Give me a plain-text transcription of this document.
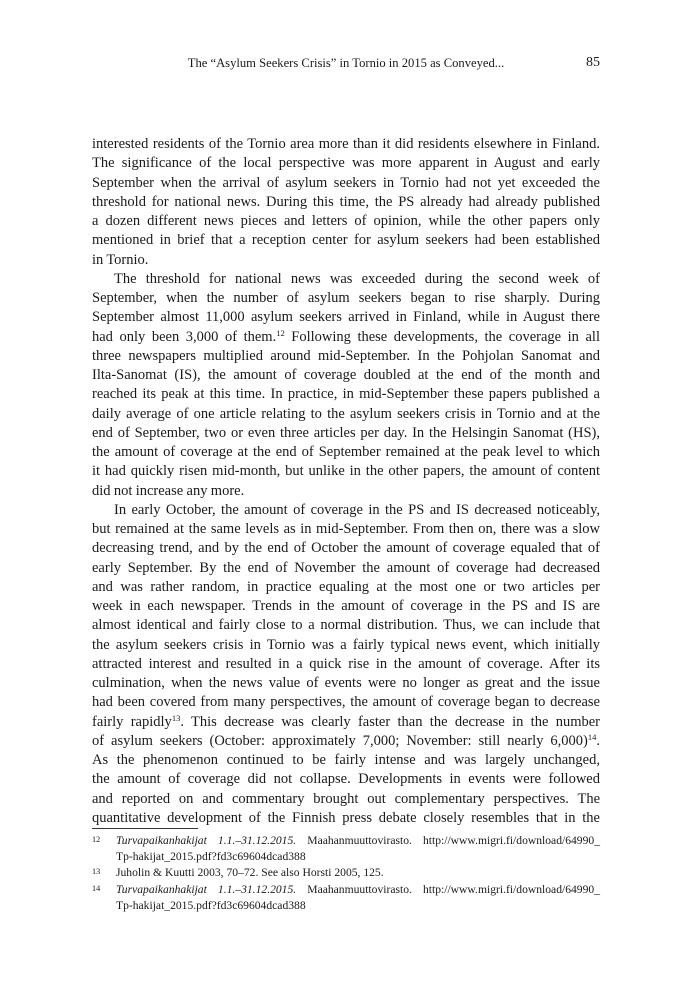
The “Asylum Seekers Crisis” in Tornio in 2015 as Conveyed...	85
interested residents of the Tornio area more than it did residents elsewhere in Finland.
The significance of the local perspective was more apparent in August and early
September when the arrival of asylum seekers in Tornio had not yet exceeded the
threshold for national news. During this time, the PS already had already published
a dozen different news pieces and letters of opinion, while the other papers only
mentioned in brief that a reception center for asylum seekers had been established
in Tornio.
The threshold for national news was exceeded during the second week of
September, when the number of asylum seekers began to rise sharply. During
September almost 11,000 asylum seekers arrived in Finland, while in August there
had only been 3,000 of them.$^{12}$ Following these developments, the coverage in all
three newspapers multiplied around mid-September. In the Pohjolan Sanomat and
Ilta-Sanomat (IS), the amount of coverage doubled at the end of the month and
reached its peak at this time. In practice, in mid-September these papers published a
daily average of one article relating to the asylum seekers crisis in Tornio and at the
end of September, two or even three articles per day. In the Helsingin Sanomat (HS),
the amount of coverage at the end of September remained at the peak level to which
it had quickly risen mid-month, but unlike in the other papers, the amount of content
did not increase any more.
In early October, the amount of coverage in the PS and IS decreased noticeably,
but remained at the same levels as in mid-September. From then on, there was a slow
decreasing trend, and by the end of October the amount of coverage equaled that of
early September. By the end of November the amount of coverage had decreased
and was rather random, in practice equaling at the most one or two articles per
week in each newspaper. Trends in the amount of coverage in the PS and IS are
almost identical and fairly close to a normal distribution. Thus, we can include that
the asylum seekers crisis in Tornio was a fairly typical news event, which initially
attracted interest and resulted in a quick rise in the amount of coverage. After its
culmination, when the news value of events were no longer as great and the issue
had been covered from many perspectives, the amount of coverage began to decrease
fairly rapidly$^{13}$. This decrease was clearly faster than the decrease in the number
of asylum seekers (October: approximately 7,000; November: still nearly 6,000)$^{14}$.
As the phenomenon continued to be fairly intense and was largely unchanged,
the amount of coverage did not collapse. Developments in events were followed
and reported on and commentary brought out complementary perspectives. The
quantitative development of the Finnish press debate closely resembles that in the
12 Turvapaikanhakijat 1.1.–31.12.2015. Maahanmuuttovirasto. http://www.migri.fi/download/64990_
Tp-hakijat_2015.pdf?fd3c69604dcad388
13 Juholin & Kuutti 2003, 70–72. See also Horsti 2005, 125.
14 Turvapaikanhakijat 1.1.–31.12.2015. Maahanmuuttovirasto. http://www.migri.fi/download/64990_
Tp-hakijat_2015.pdf?fd3c69604dcad388
